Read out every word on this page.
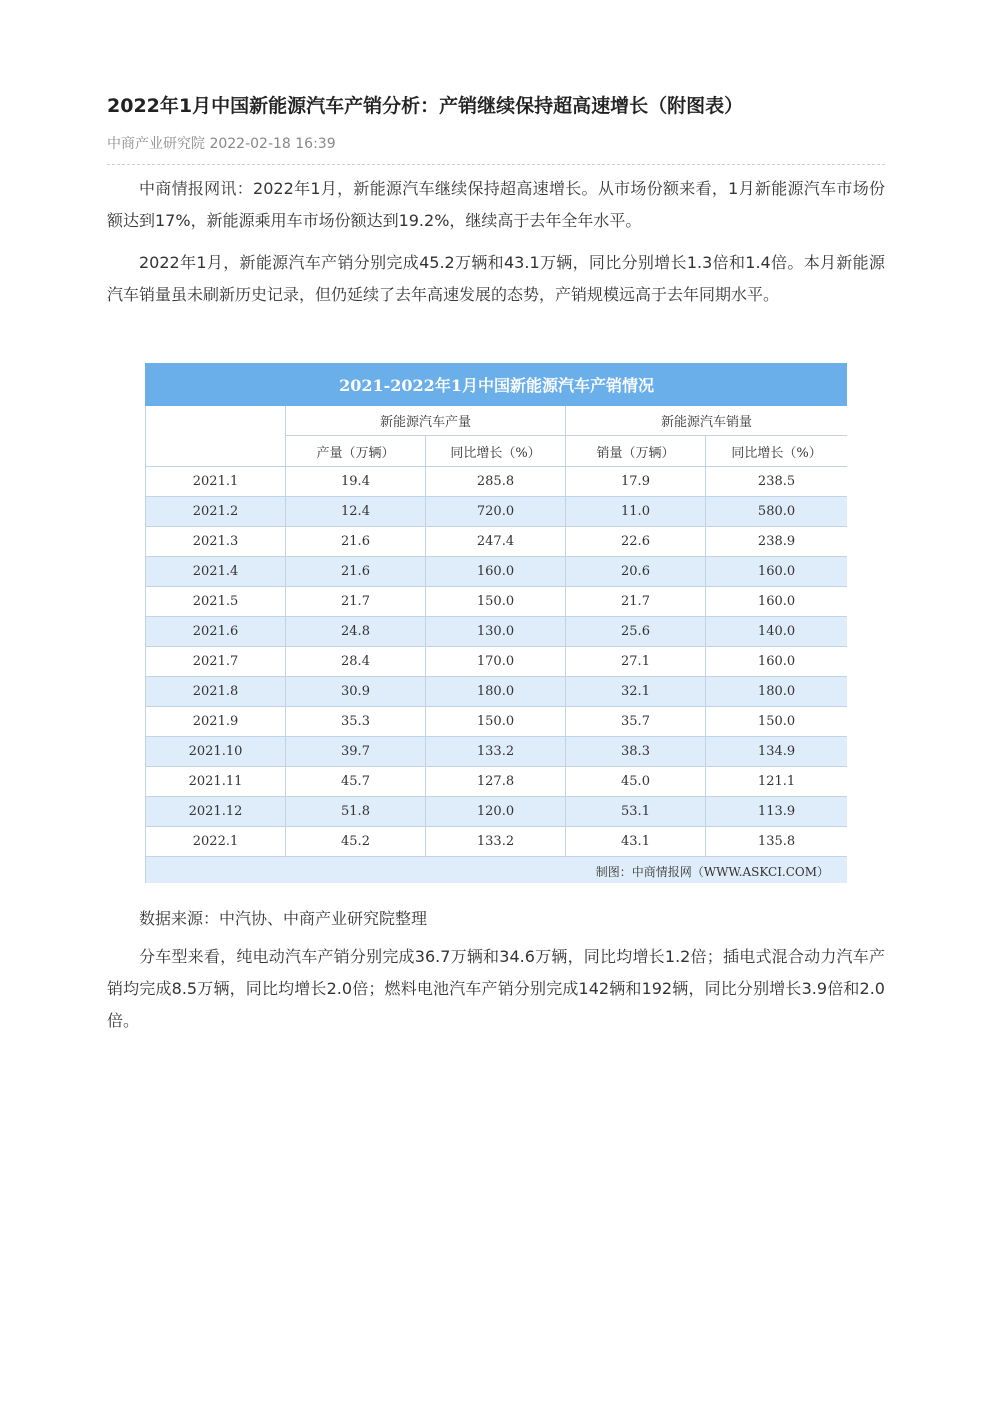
2022年1月中国新能源汽车产销分析：产销继续保持超高速增长（附图表）
中商产业研究院 2022-02-18 16:39

中商情报网讯：2022年1月，新能源汽车继续保持超高速增长。从市场份额来看，1月新能源汽车市场份额达到17%，新能源乘用车市场份额达到19.2%，继续高于去年全年水平。

2022年1月，新能源汽车产销分别完成45.2万辆和43.1万辆，同比分别增长1.3倍和1.4倍。本月新能源汽车销量虽未刷新历史记录，但仍延续了去年高速发展的态势，产销规模远高于去年同期水平。

2021-2022年1月中国新能源汽车产销情况				
	新能源汽车产量		新能源汽车销量	
	产量（万辆）	同比增长（%）	销量（万辆）	同比增长（%）
2021.1	19.4	285.8	17.9	238.5
2021.2	12.4	720.0	11.0	580.0
2021.3	21.6	247.4	22.6	238.9
2021.4	21.6	160.0	20.6	160.0
2021.5	21.7	150.0	21.7	160.0
2021.6	24.8	130.0	25.6	140.0
2021.7	28.4	170.0	27.1	160.0
2021.8	30.9	180.0	32.1	180.0
2021.9	35.3	150.0	35.7	150.0
2021.10	39.7	133.2	38.3	134.9
2021.11	45.7	127.8	45.0	121.1
2021.12	51.8	120.0	53.1	113.9
2022.1	45.2	133.2	43.1	135.8
制图：中商情报网（WWW.ASKCI.COM）				

数据来源：中汽协、中商产业研究院整理

分车型来看，纯电动汽车产销分别完成36.7万辆和34.6万辆，同比均增长1.2倍；插电式混合动力汽车产销均完成8.5万辆，同比均增长2.0倍；燃料电池汽车产销分别完成142辆和192辆，同比分别增长3.9倍和2.0倍。
